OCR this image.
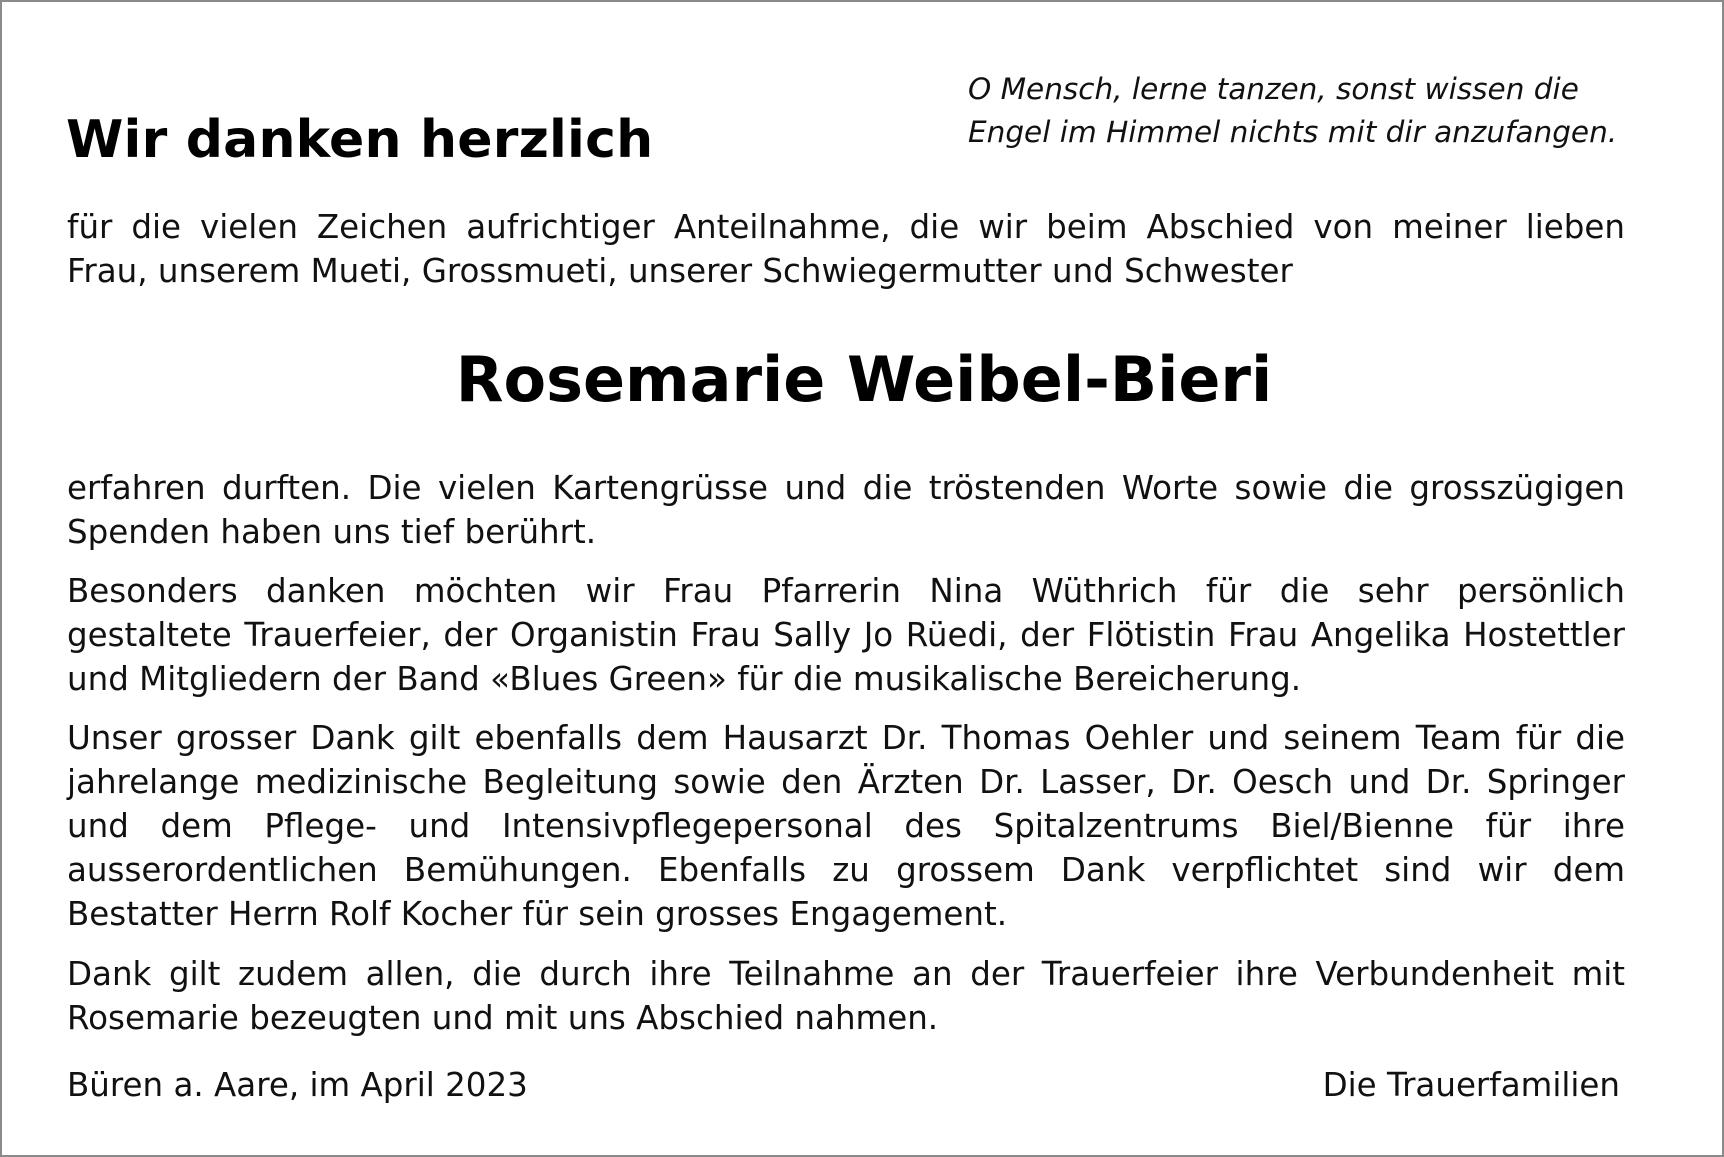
Wir danken herzlich
O Mensch, lerne tanzen, sonst wissen die
Engel im Himmel nichts mit dir anzufangen.
für die vielen Zeichen aufrichtiger Anteilnahme, die wir beim Abschied von meiner lieben
Frau, unserem Mueti, Grossmueti, unserer Schwiegermutter und Schwester
Rosemarie Weibel-Bieri
erfahren durften. Die vielen Kartengrüsse und die tröstenden Worte sowie die grosszügigen
Spenden haben uns tief berührt.
Besonders danken möchten wir Frau Pfarrerin Nina Wüthrich für die sehr persönlich
gestaltete Trauerfeier, der Organistin Frau Sally Jo Rüedi, der Flötistin Frau Angelika Hostettler
und Mitgliedern der Band «Blues Green» für die musikalische Bereicherung.
Unser grosser Dank gilt ebenfalls dem Hausarzt Dr. Thomas Oehler und seinem Team für die
jahrelange medizinische Begleitung sowie den Ärzten Dr. Lasser, Dr. Oesch und Dr. Springer
und dem Pflege- und Intensivpflegepersonal des Spitalzentrums Biel/Bienne für ihre
ausserordentlichen Bemühungen. Ebenfalls zu grossem Dank verpflichtet sind wir dem
Bestatter Herrn Rolf Kocher für sein grosses Engagement.
Dank gilt zudem allen, die durch ihre Teilnahme an der Trauerfeier ihre Verbundenheit mit
Rosemarie bezeugten und mit uns Abschied nahmen.
Büren a. Aare, im April 2023	Die Trauerfamilien
